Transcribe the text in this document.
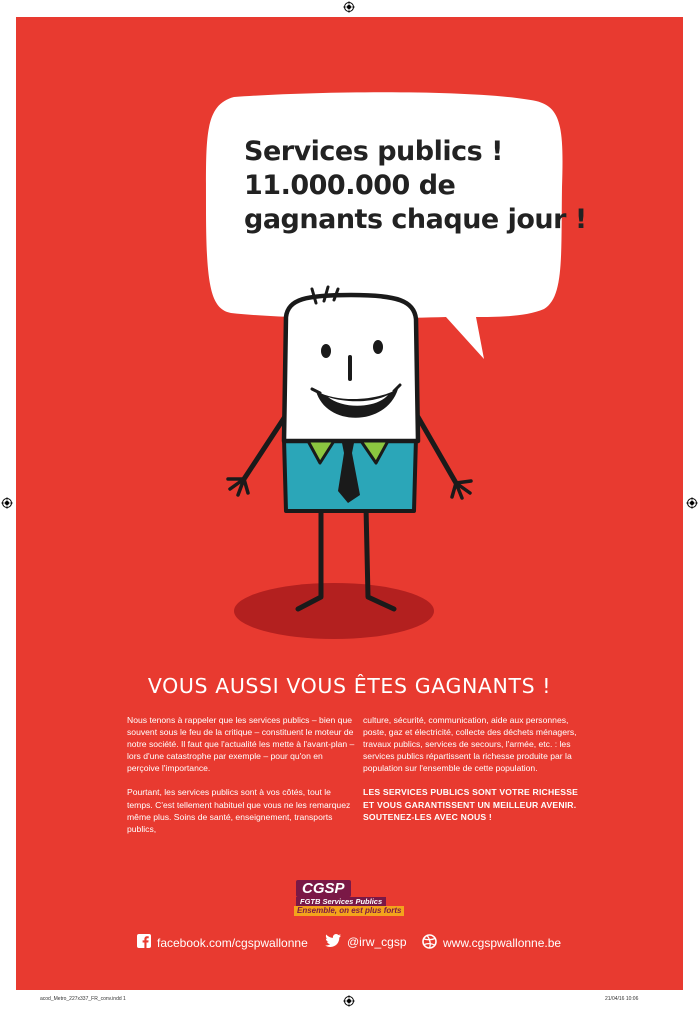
Services publics !
11.000.000 de
gagnants chaque jour !
VOUS AUSSI VOUS ÊTES GAGNANTS !

Nous tenons à rappeler que les services publics – bien que souvent sous le feu de la critique – constituent le moteur de notre société. Il faut que l'actualité les mette à l'avant-plan – lors d'une catastrophe par exemple – pour qu'on en perçoive l'importance.

Pourtant, les services publics sont à vos côtés, tout le temps. C'est tellement habituel que vous ne les remarquez même plus. Soins de santé, enseignement, transports publics,

culture, sécurité, communication, aide aux personnes, poste, gaz et électricité, collecte des déchets ménagers, travaux publics, services de secours, l'armée, etc. : les services publics répartissent la richesse produite par la population sur l'ensemble de cette population.

LES SERVICES PUBLICS SONT VOTRE RICHESSE ET VOUS GARANTISSENT UN MEILLEUR AVENIR. SOUTENEZ-LES AVEC NOUS !

CGSP
FGTB Services Publics
Ensemble, on est plus forts
facebook.com/cgspwallonne	@irw_cgsp	www.cgspwallonne.be
acod_Metro_227x337_FR_conv.indd 1	21/04/16 10:06
